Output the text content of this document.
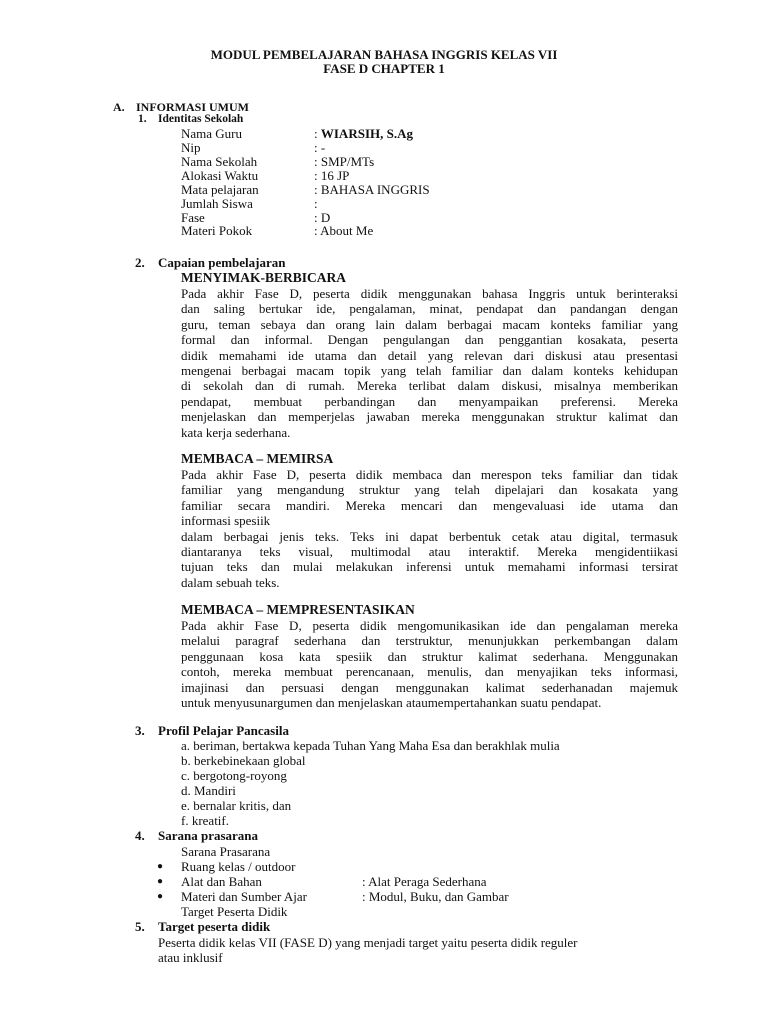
MODUL PEMBELAJARAN BAHASA INGGRIS KELAS VII
FASE D CHAPTER 1
A. INFORMASI UMUM
1. Identitas Sekolah
Nama Guru	: WIARSIH, S.Ag
Nip	: -
Nama Sekolah	: SMP/MTs
Alokasi Waktu	: 16 JP
Mata pelajaran	: BAHASA INGGRIS
Jumlah Siswa	:
Fase	: D
Materi Pokok	: About Me
2. Capaian pembelajaran
MENYIMAK-BERBICARA

Pada akhir Fase D, peserta didik menggunakan bahasa Inggris untuk berinteraksi

dan saling bertukar ide, pengalaman, minat, pendapat dan pandangan dengan

guru, teman sebaya dan orang lain dalam berbagai macam konteks familiar yang

formal dan informal. Dengan pengulangan dan penggantian kosakata, peserta

didik memahami ide utama dan detail yang relevan dari diskusi atau presentasi

mengenai berbagai macam topik yang telah familiar dan dalam konteks kehidupan

di sekolah dan di rumah. Mereka terlibat dalam diskusi, misalnya memberikan

pendapat, membuat perbandingan dan menyampaikan preferensi. Mereka

menjelaskan dan memperjelas jawaban mereka menggunakan struktur kalimat dan

kata kerja sederhana.

MEMBACA – MEMIRSA

Pada akhir Fase D, peserta didik membaca dan merespon teks familiar dan tidak

familiar yang mengandung struktur yang telah dipelajari dan kosakata yang

familiar secara mandiri. Mereka mencari dan mengevaluasi ide utama dan

informasi spesiik

dalam berbagai jenis teks. Teks ini dapat berbentuk cetak atau digital, termasuk

diantaranya teks visual, multimodal atau interaktif. Mereka mengidentiikasi

tujuan teks dan mulai melakukan inferensi untuk memahami informasi tersirat

dalam sebuah teks.

MEMBACA – MEMPRESENTASIKAN

Pada akhir Fase D, peserta didik mengomunikasikan ide dan pengalaman mereka

melalui paragraf sederhana dan terstruktur, menunjukkan perkembangan dalam

penggunaan kosa kata spesiik dan struktur kalimat sederhana. Menggunakan

contoh, mereka membuat perencanaan, menulis, dan menyajikan teks informasi,

imajinasi dan persuasi dengan menggunakan kalimat sederhanadan majemuk

untuk menyusunargumen dan menjelaskan ataumempertahankan suatu pendapat.

3. Profil Pelajar Pancasila
a. beriman, bertakwa kepada Tuhan Yang Maha Esa dan berakhlak mulia
b. berkebinekaan global
c. bergotong-royong
d. Mandiri
e. bernalar kritis, dan
f. kreatif.
4. Sarana prasarana
Sarana Prasarana
● Ruang kelas / outdoor
● Alat dan Bahan	: Alat Peraga Sederhana
● Materi dan Sumber Ajar	: Modul, Buku, dan Gambar
Target Peserta Didik
5. Target peserta didik
Peserta didik kelas VII (FASE D) yang menjadi target yaitu peserta didik reguler
atau inklusif
